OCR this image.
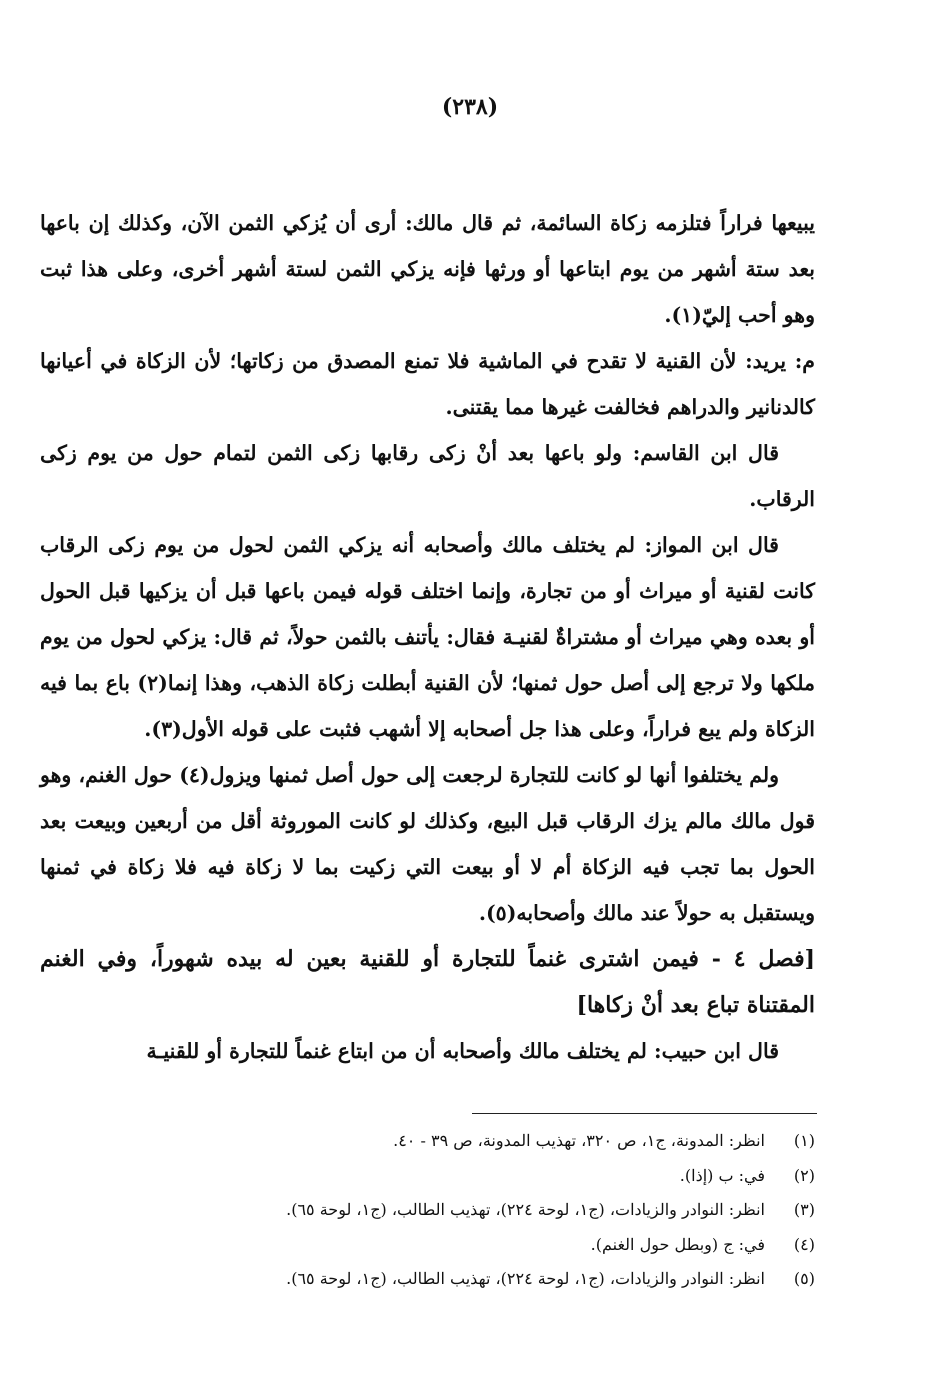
(٢٣٨)

يبيعها فراراً فتلزمه زكاة السائمة، ثم قال مالك: أرى أن يُزكي الثمن الآن، وكذلك إن باعها بعد ستة أشهر من يوم ابتاعها أو ورثها فإنه يزكي الثمن لستة أشهر أخرى، وعلى هذا ثبت وهو أحب إليّ(١).

م: يريد: لأن القنية لا تقدح في الماشية فلا تمنع المصدق من زكاتها؛ لأن الزكاة في أعيانها كالدنانير والدراهم فخالفت غيرها مما يقتنى.

قال ابن القاسم: ولو باعها بعد أنْ زكى رقابها زكى الثمن لتمام حول من يوم زكى الرقاب.

قال ابن المواز: لم يختلف مالك وأصحابه أنه يزكي الثمن لحول من يوم زكى الرقاب كانت لقنية أو ميراث أو من تجارة، وإنما اختلف قوله فيمن باعها قبل أن يزكيها قبل الحول أو بعده وهي ميراث أو مشتراةٌ لقنيـة فقال: يأتنف بالثمن حولاً، ثم قال: يزكي لحول من يوم ملكها ولا ترجع إلى أصل حول ثمنها؛ لأن القنية أبطلت زكاة الذهب، وهذا إنما(٢) باع بما فيه الزكاة ولم يبع فراراً، وعلى هذا جل أصحابه إلا أشهب فثبت على قوله الأول(٣).

ولم يختلفوا أنها لو كانت للتجارة لرجعت إلى حول أصل ثمنها ويزول(٤) حول الغنم، وهو قول مالك مالم يزك الرقاب قبل البيع، وكذلك لو كانت الموروثة أقل من أربعين وبيعت بعد الحول بما تجب فيه الزكاة أم لا أو بيعت التي زكيت بما لا زكاة فيه فلا زكاة في ثمنها ويستقبل به حولاً عند مالك وأصحابه(٥).

[فصل ٤ - فيمن اشترى غنماً للتجارة أو للقنية بعين له بيده شهوراً، وفي الغنم المقتناة تباع بعد أنْ زكاها]

قال ابن حبيب: لم يختلف مالك وأصحابه أن من ابتاع غنماً للتجارة أو للقنيـة

(١)
انظر: المدونة، ج١، ص ٣٢٠، تهذيب المدونة، ص ٣٩ - ٤٠.
(٢)
في: ب (إذا).
(٣)
انظر: النوادر والزيادات، (ج١، لوحة ٢٢٤)، تهذيب الطالب، (ج١، لوحة ٦٥).
(٤)
في: ج (وبطل حول الغنم).
(٥)
انظر: النوادر والزيادات، (ج١، لوحة ٢٢٤)، تهذيب الطالب، (ج١، لوحة ٦٥).
